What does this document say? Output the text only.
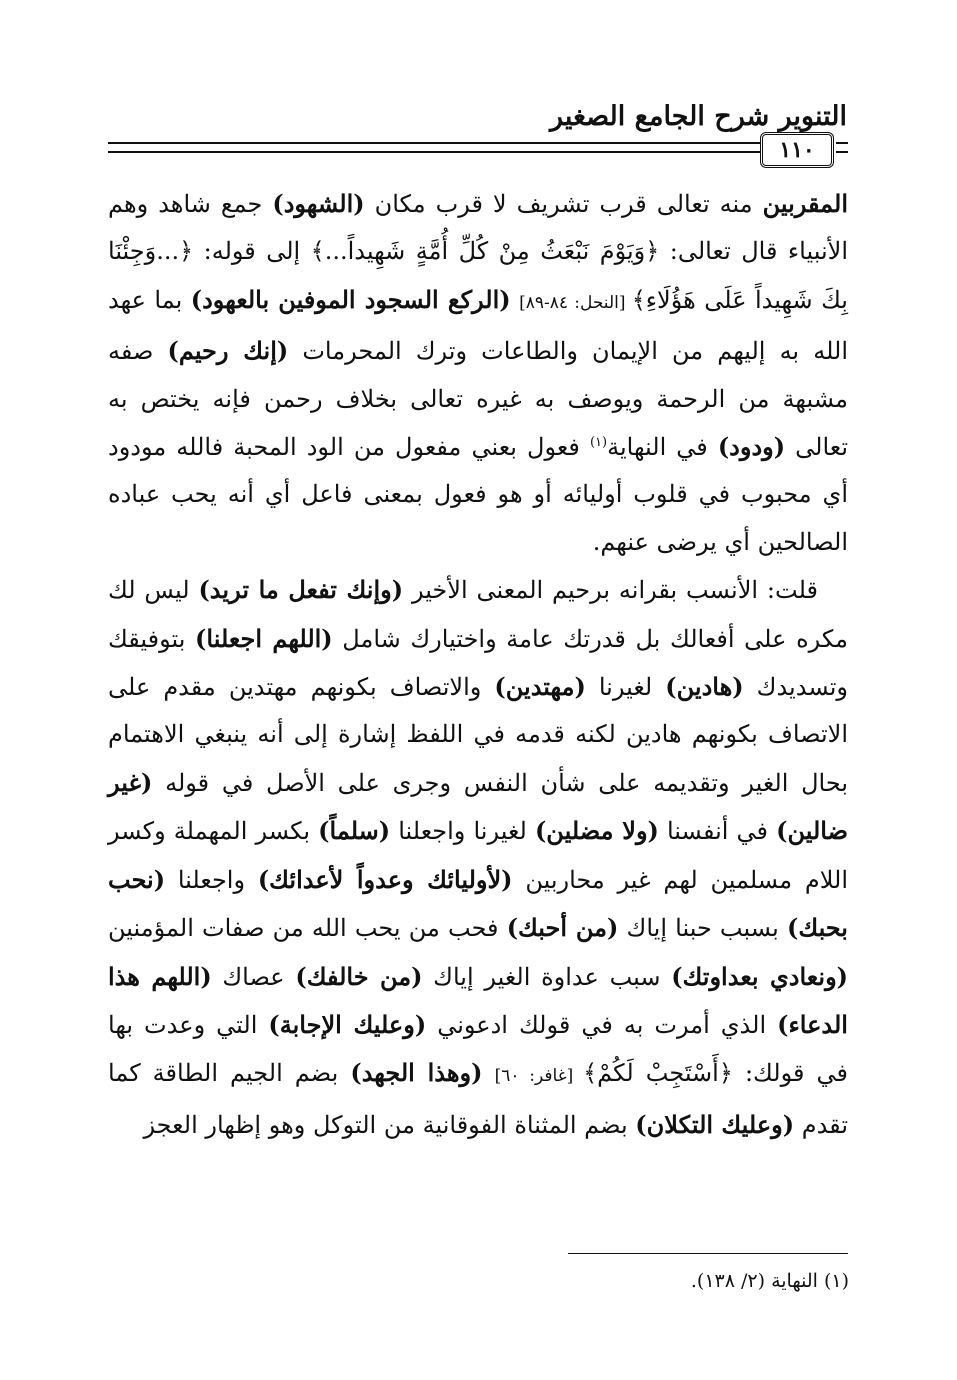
التنوير شرح الجامع الصغير
١١٠

المقربين منه تعالى قرب تشريف لا قرب مكان (الشهود) جمع شاهد وهم الأنبياء قال تعالى: ﴿وَيَوْمَ نَبْعَثُ مِنْ كُلِّ أُمَّةٍ شَهِيداً...﴾ إلى قوله: ﴿...وَجِئْنَا بِكَ شَهِيداً عَلَى هَؤُلَاءِ﴾ [النحل: ٨٤-٨٩] (الركع السجود الموفين بالعهود) بما عهد الله به إليهم من الإيمان والطاعات وترك المحرمات (إنك رحيم) صفه مشبهة من الرحمة ويوصف به غيره تعالى بخلاف رحمن فإنه يختص به تعالى (ودود) في النهاية$^{(١)}$ فعول بعني مفعول من الود المحبة فالله مودود أي محبوب في قلوب أوليائه أو هو فعول بمعنى فاعل أي أنه يحب عباده الصالحين أي يرضى عنهم.

قلت: الأنسب بقرانه برحيم المعنى الأخير (وإنك تفعل ما تريد) ليس لك مكره على أفعالك بل قدرتك عامة واختيارك شامل (اللهم اجعلنا) بتوفيقك وتسديدك (هادين) لغيرنا (مهتدين) والاتصاف بكونهم مهتدين مقدم على الاتصاف بكونهم هادين لكنه قدمه في اللفظ إشارة إلى أنه ينبغي الاهتمام بحال الغير وتقديمه على شأن النفس وجرى على الأصل في قوله (غير ضالين) في أنفسنا (ولا مضلين) لغيرنا واجعلنا (سلماً) بكسر المهملة وكسر اللام مسلمين لهم غير محاربين (لأوليائك وعدواً لأعدائك) واجعلنا (نحب بحبك) بسبب حبنا إياك (من أحبك) فحب من يحب الله من صفات المؤمنين (ونعادي بعداوتك) سبب عداوة الغير إياك (من خالفك) عصاك (اللهم هذا الدعاء) الذي أمرت به في قولك ادعوني (وعليك الإجابة) التي وعدت بها في قولك: ﴿أَسْتَجِبْ لَكُمْ﴾ [غافر: ٦٠] (وهذا الجهد) بضم الجيم الطاقة كما تقدم (وعليك التكلان) بضم المثناة الفوقانية من التوكل وهو إظهار العجز

(١) النهاية (٢/ ١٣٨).
